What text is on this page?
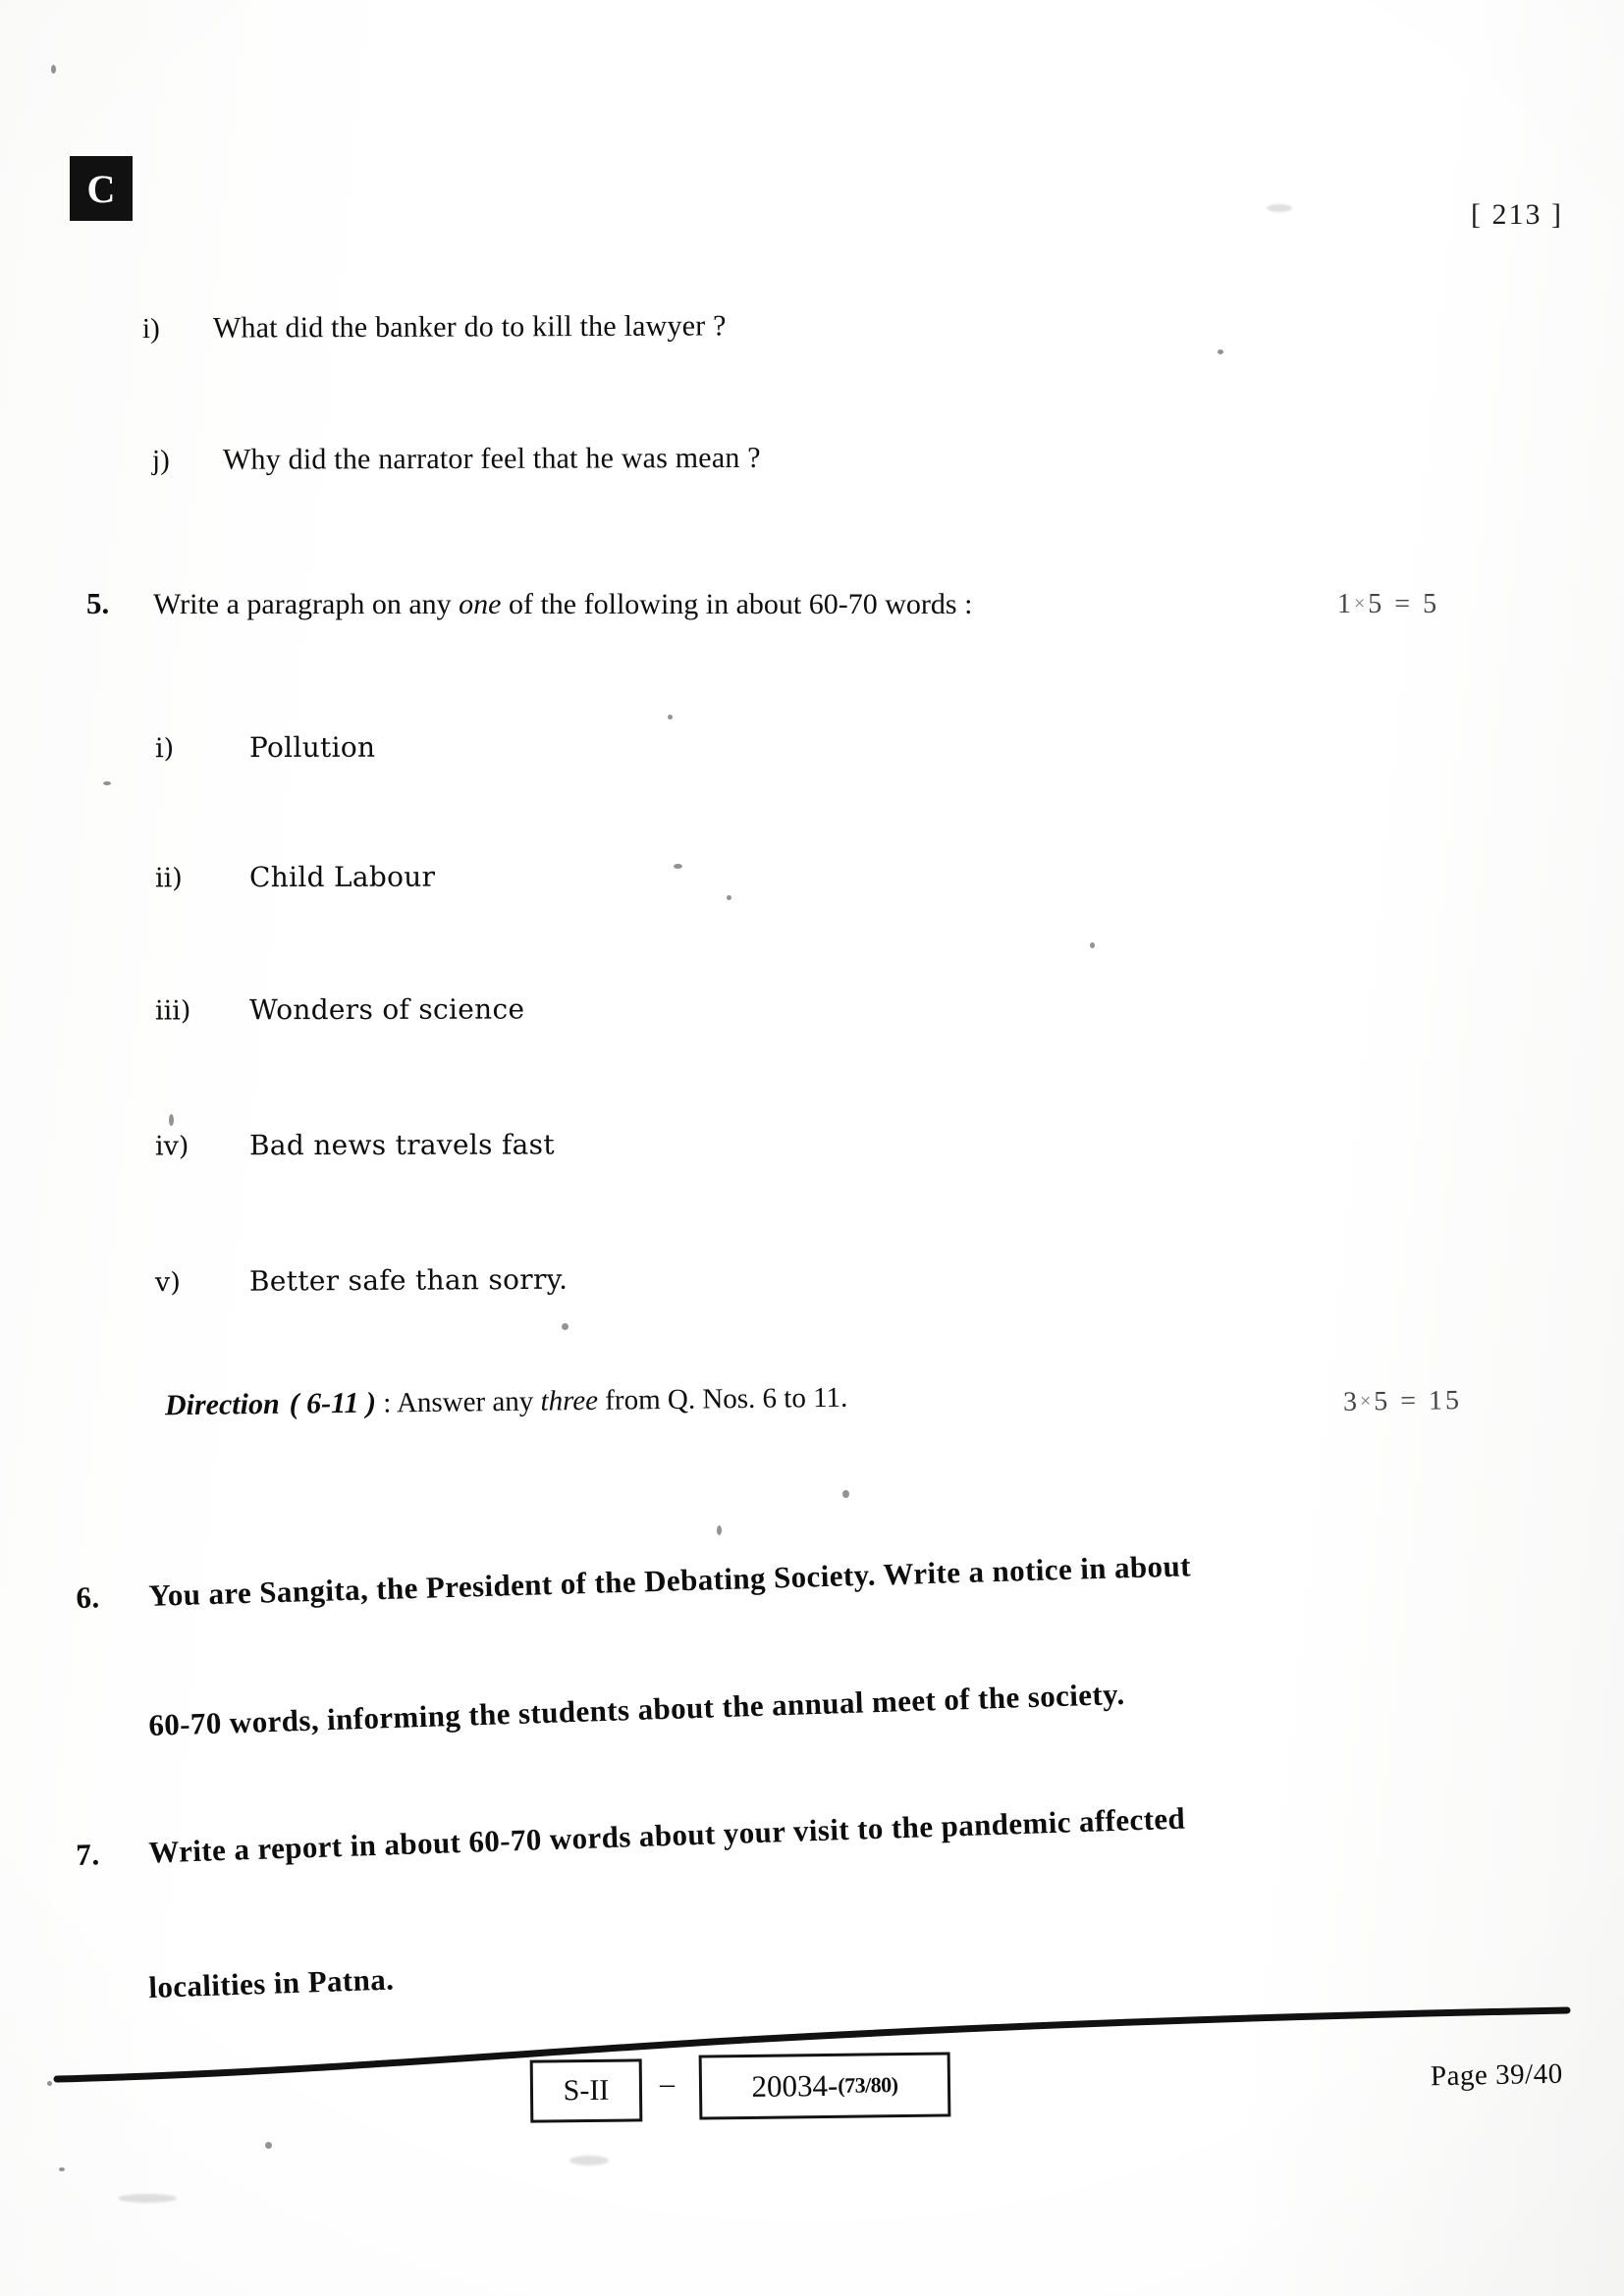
C
[ 213 ]
i)	What did the banker do to kill the lawyer ?
j)	Why did the narrator feel that he was mean ?
5.	Write a paragraph on any one of the following in about 60-70 words :	1×5 = 5
i)	Pollution
ii)	Child Labour
iii)	Wonders of science
iv)	Bad news travels fast
v)	Better safe than sorry.
Direction ( 6-11 ) : Answer any three from Q. Nos. 6 to 11.	3×5 = 15
6. You are Sangita, the President of the Debating Society. Write a notice in about
60-70 words, informing the students about the annual meet of the society.
7. Write a report in about 60-70 words about your visit to the pandemic affected
localities in Patna.
S-II	–	20034- (73/80)	Page 39/40
